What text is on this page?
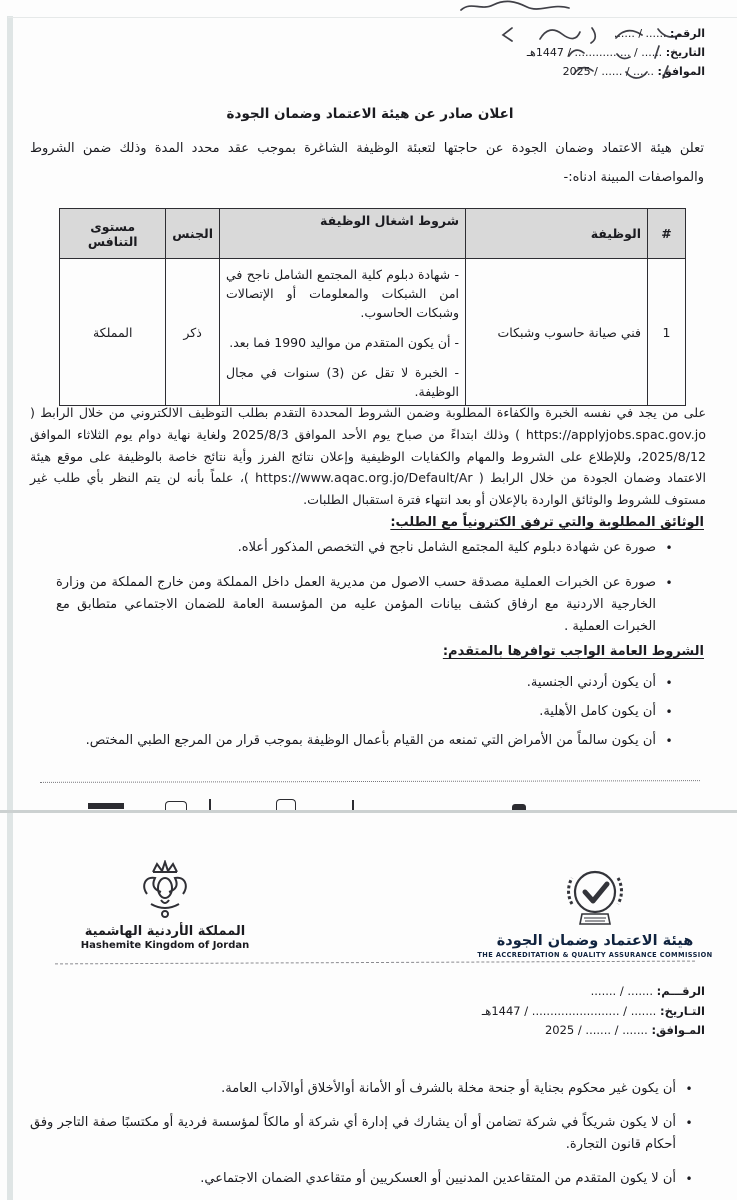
الرقم: ...... / ......
التاريخ: ...... / ................ / 1447هـ
الموافق: ...... / ...... / 2025
اعلان صادر عن هيئة الاعتماد وضمان الجودة
تعلن هيئة الاعتماد وضمان الجودة عن حاجتها لتعبئة الوظيفة الشاغرة بموجب عقد محدد المدة وذلك ضمن الشروط والمواصفات المبينة ادناه:-
#	الوظيفة	شروط اشغال الوظيفة	الجنس	مستوى التنافس
1	فني صيانة حاسوب وشبكات	- شهادة دبلوم كلية المجتمع الشامل ناجح في امن الشبكات والمعلومات أو الإتصالات وشبكات الحاسوب.
- أن يكون المتقدم من مواليد 1990 فما بعد.
- الخبرة لا تقل عن (3) سنوات في مجال الوظيفة.	ذكر	المملكة
على من يجد في نفسه الخبرة والكفاءة المطلوبة وضمن الشروط المحددة التقدم بطلب التوظيف الالكتروني من خلال الرابط ( https://applyjobs.spac.gov.jo ) وذلك ابتداءً من صباح يوم الأحد الموافق 2025/8/3 ولغاية نهاية دوام يوم الثلاثاء الموافق 2025/8/12، وللإطلاع على الشروط والمهام والكفايات الوظيفية وإعلان نتائج الفرز وأية نتائج خاصة بالوظيفة على موقع هيئة الاعتماد وضمان الجودة من خلال الرابط ( https://www.aqac.org.jo/Default/Ar )، علماً بأنه لن يتم النظر بأي طلب غير مستوف للشروط والوثائق الواردة بالإعلان أو بعد انتهاء فترة استقبال الطلبات.
الوثائق المطلوبة والتي ترفق الكترونياً مع الطلب:
•
صورة عن شهادة دبلوم كلية المجتمع الشامل ناجح في التخصص المذكور أعلاه.
•
صورة عن الخبرات العملية مصدقة حسب الاصول من مديرية العمل داخل المملكة ومن خارج المملكة من وزارة الخارجية الاردنية مع ارفاق كشف بيانات المؤمن عليه من المؤسسة العامة للضمان الاجتماعي متطابق مع الخبرات العملية .
الشروط العامة الواجب توافرها بالمتقدم:
•
أن يكون أردني الجنسية.
•
أن يكون كامل الأهلية.
•
أن يكون سالماً من الأمراض التي تمنعه من القيام بأعمال الوظيفة بموجب قرار من المرجع الطبي المختص.
المملكة الأردنية الهاشمية
Hashemite Kingdom of Jordan	هيئة الاعتماد وضمان الجودة
THE ACCREDITATION & QUALITY ASSURANCE COMMISSION
الرقـــم: ....... / .......
التـاريخ: ....... / ........................ / 1447هـ
المـوافق: ....... / ....... / 2025
•
أن يكون غير محكوم بجناية أو جنحة مخلة بالشرف أو الأمانة أوالأخلاق أوالآداب العامة.
•
أن لا يكون شريكاً في شركة تضامن أو أن يشارك في إدارة أي شركة أو مالكاً لمؤسسة فردية أو مكتسبًا صفة التاجر وفق أحكام قانون التجارة.
•
أن لا يكون المتقدم من المتقاعدين المدنيين أو العسكريين أو متقاعدي الضمان الاجتماعي.
